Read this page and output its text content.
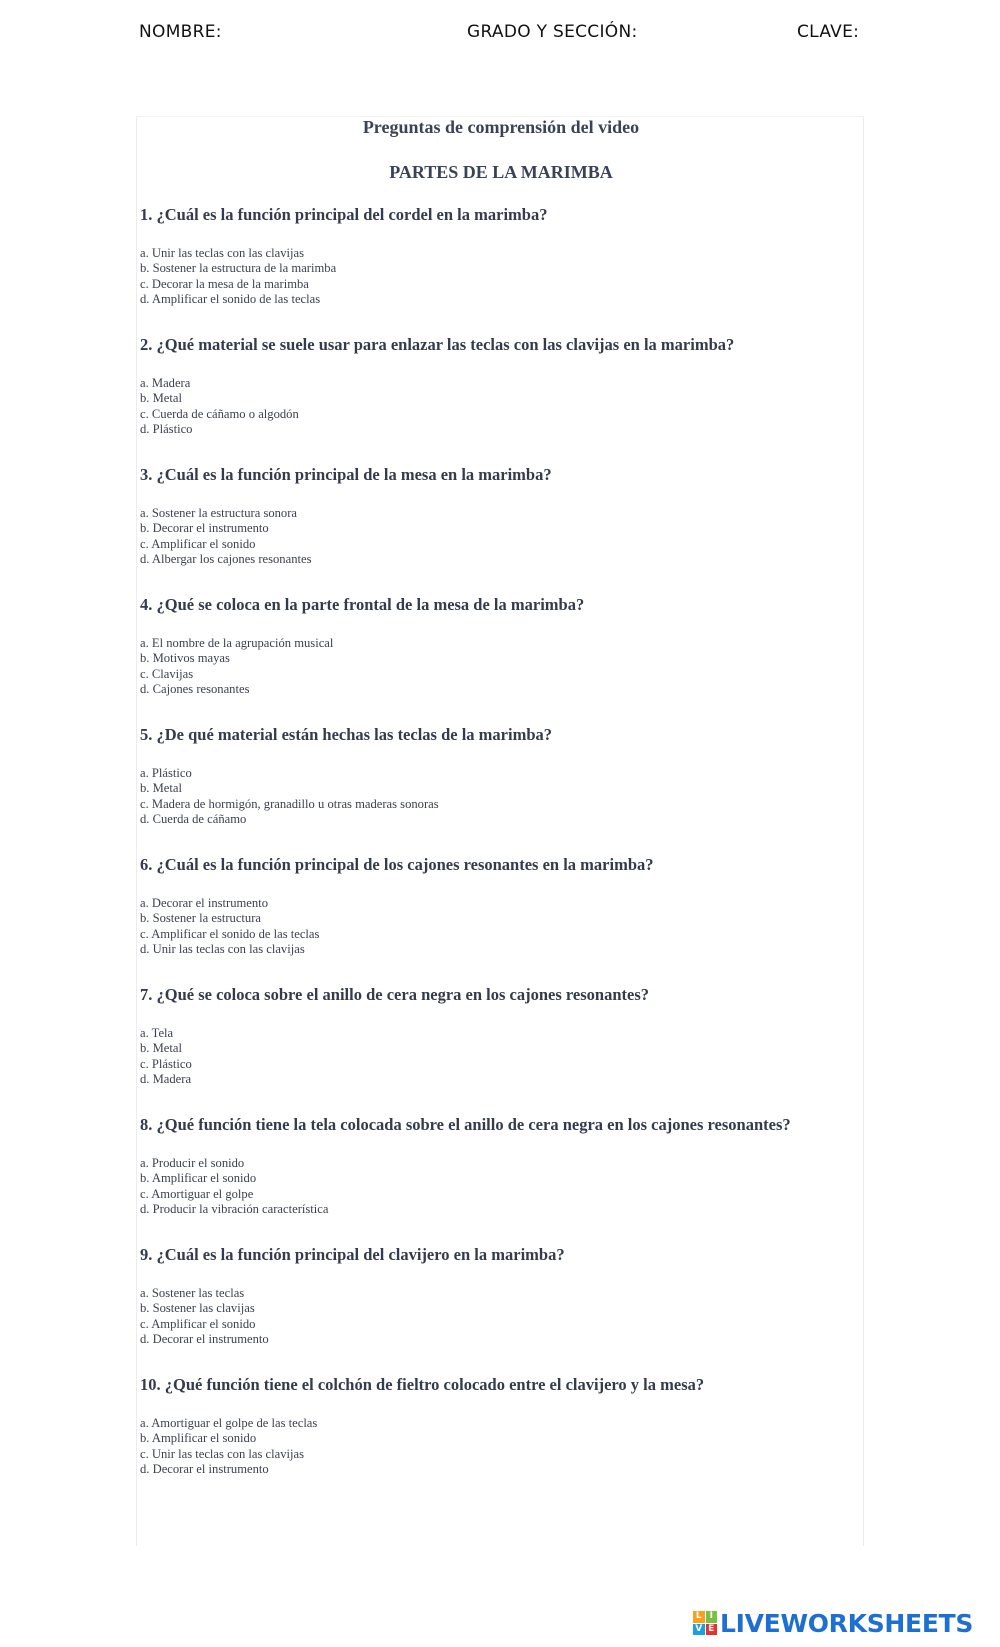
NOMBRE:	GRADO Y SECCIÓN:	CLAVE:
Preguntas de comprensión del video
PARTES DE LA MARIMBA

1. ¿Cuál es la función principal del cordel en la marimba?

a. Unir las teclas con las clavijas
b. Sostener la estructura de la marimba
c. Decorar la mesa de la marimba
d. Amplificar el sonido de las teclas

2. ¿Qué material se suele usar para enlazar las teclas con las clavijas en la marimba?

a. Madera
b. Metal
c. Cuerda de cáñamo o algodón
d. Plástico

3. ¿Cuál es la función principal de la mesa en la marimba?

a. Sostener la estructura sonora
b. Decorar el instrumento
c. Amplificar el sonido
d. Albergar los cajones resonantes

4. ¿Qué se coloca en la parte frontal de la mesa de la marimba?

a. El nombre de la agrupación musical
b. Motivos mayas
c. Clavijas
d. Cajones resonantes

5. ¿De qué material están hechas las teclas de la marimba?

a. Plástico
b. Metal
c. Madera de hormigón, granadillo u otras maderas sonoras
d. Cuerda de cáñamo

6. ¿Cuál es la función principal de los cajones resonantes en la marimba?

a. Decorar el instrumento
b. Sostener la estructura
c. Amplificar el sonido de las teclas
d. Unir las teclas con las clavijas

7. ¿Qué se coloca sobre el anillo de cera negra en los cajones resonantes?

a. Tela
b. Metal
c. Plástico
d. Madera

8. ¿Qué función tiene la tela colocada sobre el anillo de cera negra en los cajones resonantes?

a. Producir el sonido
b. Amplificar el sonido
c. Amortiguar el golpe
d. Producir la vibración característica

9. ¿Cuál es la función principal del clavijero en la marimba?

a. Sostener las teclas
b. Sostener las clavijas
c. Amplificar el sonido
d. Decorar el instrumento

10. ¿Qué función tiene el colchón de fieltro colocado entre el clavijero y la mesa?

a. Amortiguar el golpe de las teclas
b. Amplificar el sonido
c. Unir las teclas con las clavijas
d. Decorar el instrumento
L I
V E LIVEWORKSHEETS
